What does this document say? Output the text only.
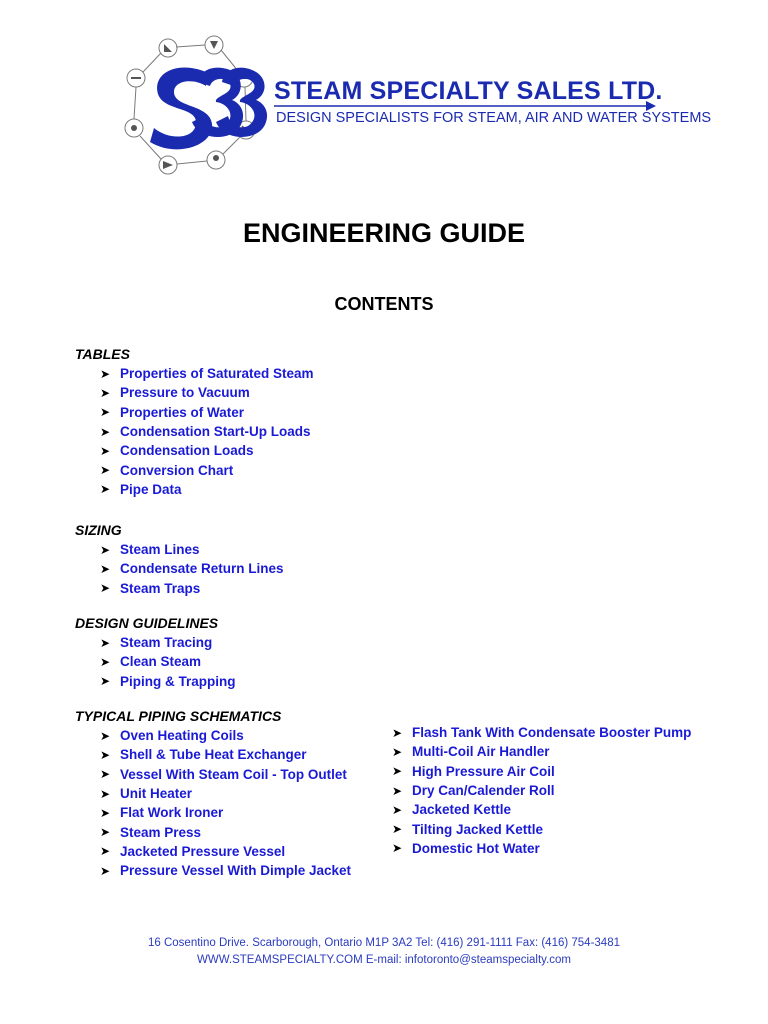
STEAM SPECIALTY SALES LTD.
DESIGN SPECIALISTS FOR STEAM, AIR AND WATER SYSTEMS
ENGINEERING GUIDE
CONTENTS
TABLES
➤ Properties of Saturated Steam
➤ Pressure to Vacuum
➤ Properties of Water
➤ Condensation Start-Up Loads
➤ Condensation Loads
➤ Conversion Chart
➤ Pipe Data
SIZING
➤ Steam Lines
➤ Condensate Return Lines
➤ Steam Traps
DESIGN GUIDELINES
➤ Steam Tracing
➤ Clean Steam
➤ Piping & Trapping
TYPICAL PIPING SCHEMATICS
➤ Oven Heating Coils
➤ Shell & Tube Heat Exchanger
➤ Vessel With Steam Coil - Top Outlet
➤ Unit Heater
➤ Flat Work Ironer
➤ Steam Press
➤ Jacketed Pressure Vessel
➤ Pressure Vessel With Dimple Jacket
➤ Flash Tank With Condensate Booster Pump
➤ Multi-Coil Air Handler
➤ High Pressure Air Coil
➤ Dry Can/Calender Roll
➤ Jacketed Kettle
➤ Tilting Jacked Kettle
➤ Domestic Hot Water
16 Cosentino Drive. Scarborough, Ontario M1P 3A2 Tel: (416) 291-1111 Fax: (416) 754-3481
WWW.STEAMSPECIALTY.COM E-mail: infotoronto@steamspecialty.com
